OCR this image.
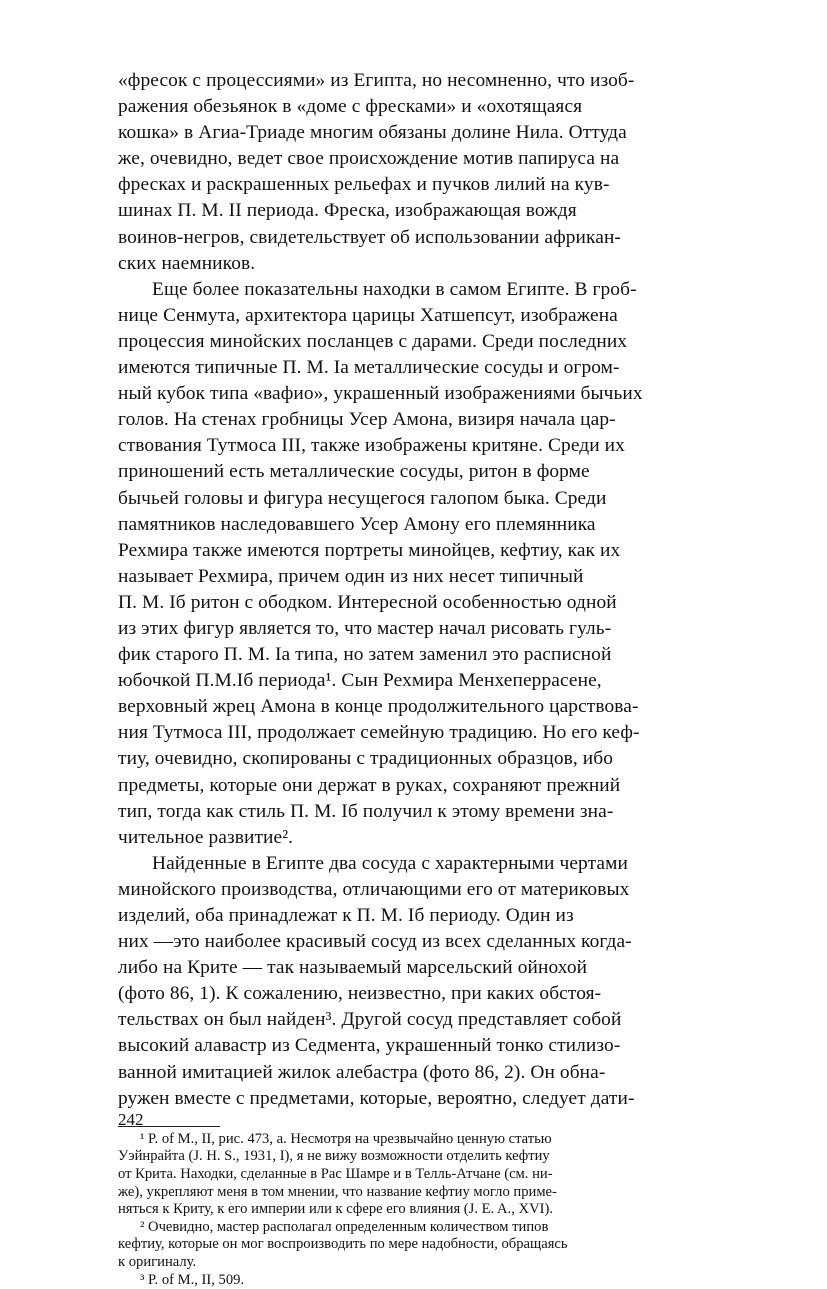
«фресок с процессиями» из Египта, но несомненно, что изоб-
ражения обезьянок в «доме с фресками» и «охотящаяся
кошка» в Агиа-Триаде многим обязаны долине Нила. Оттуда
же, очевидно, ведет свое происхождение мотив папируса на
фресках и раскрашенных рельефах и пучков лилий на кув-
шинах П. М. II периода. Фреска, изображающая вождя
воинов-негров, свидетельствует об использовании африкан-
ских наемников.

Еще более показательны находки в самом Египте. В гроб-
нице Сенмута, архитектора царицы Хатшепсут, изображена
процессия минойских посланцев с дарами. Среди последних
имеются типичные П. М. Iа металлические сосуды и огром-
ный кубок типа «вафио», украшенный изображениями бычьих
голов. На стенах гробницы Усер Амона, визиря начала цар-
ствования Тутмоса III, также изображены критяне. Среди их
приношений есть металлические сосуды, ритон в форме
бычьей головы и фигура несущегося галопом быка. Среди
памятников наследовавшего Усер Амону его племянника
Рехмира также имеются портреты минойцев, кефтиу, как их
называет Рехмира, причем один из них несет типичный
П. М. Iб ритон с ободком. Интересной особенностью одной
из этих фигур является то, что мастер начал рисовать гуль-
фик старого П. М. Iа типа, но затем заменил это расписной
юбочкой П.М.Iб периода¹. Сын Рехмира Менхеперрасене,
верховный жрец Амона в конце продолжительного царствова-
ния Тутмоса III, продолжает семейную традицию. Но его кеф-
тиу, очевидно, скопированы с традиционных образцов, ибо
предметы, которые они держат в руках, сохраняют прежний
тип, тогда как стиль П. М. Iб получил к этому времени зна-
чительное развитие².

Найденные в Египте два сосуда с характерными чертами
минойского производства, отличающими его от материковых
изделий, оба принадлежат к П. М. Iб периоду. Один из
них —это наиболее красивый сосуд из всех сделанных когда-
либо на Крите — так называемый марсельский ойнохой
(фото 86, 1). К сожалению, неизвестно, при каких обстоя-
тельствах он был найден³. Другой сосуд представляет собой
высокий алавастр из Седмента, украшенный тонко стилизо-
ванной имитацией жилок алебастра (фото 86, 2). Он обна-
ружен вместе с предметами, которые, вероятно, следует дати-

¹ P. of M., II, рис. 473, а. Несмотря на чрезвычайно ценную статью
Уэйнрайта (J. H. S., 1931, I), я не вижу возможности отделить кефтиу
от Крита. Находки, сделанные в Рас Шамре и в Телль-Атчане (см. ни-
же), укрепляют меня в том мнении, что название кефтиу могло приме-
няться к Криту, к его империи или к сфере его влияния (J. E. A., XVI).

² Очевидно, мастер располагал определенным количеством типов
кефтиу, которые он мог воспроизводить по мере надобности, обращаясь
к оригиналу.

³ P. of M., II, 509.

242
